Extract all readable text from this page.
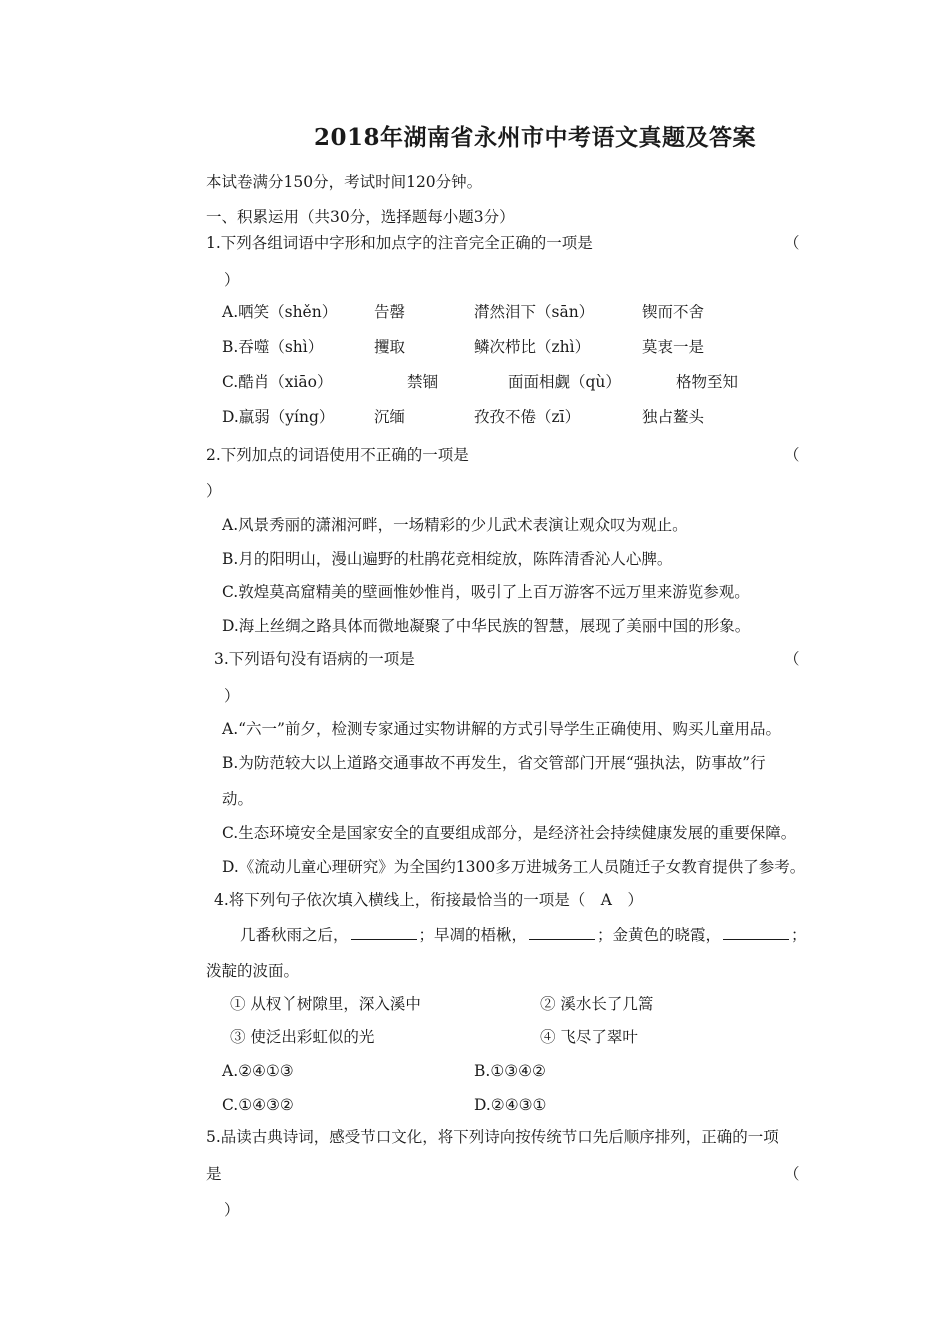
2018年湖南省永州市中考语文真题及答案
本试卷满分150分，考试时间120分钟。
一、积累运用（共30分，选择题每小题3分）
1.下列各组词语中字形和加点字的注音完全正确的一项是	（
）
A.哂笑（shěn） 告罄	潸然泪下（sān）	锲而不舍
B.吞噬（shì）	攫取	鳞次栉比（zhì）	莫衷一是
C.酷肖（xiāo）	禁锢	面面相觑（qù）	格物至知
D.羸弱（yíng）	沉缅	孜孜不倦（zī）	独占鳌头
2.下列加点的词语使用不正确的一项是	（
）
A.风景秀丽的潇湘河畔，一场精彩的少儿武术表演让观众叹为观止。
B.月的阳明山，漫山遍野的杜鹃花竞相绽放，陈阵清香沁人心脾。
C.敦煌莫高窟精美的壁画惟妙惟肖，吸引了上百万游客不远万里来游览参观。
D.海上丝绸之路具体而微地凝聚了中华民族的智慧，展现了美丽中国的形象。
3.下列语句没有语病的一项是	（
）
A.“六一”前夕，检测专家通过实物讲解的方式引导学生正确使用、购买儿童用品。
B.为防范较大以上道路交通事故不再发生，省交管部门开展“强执法，防事故”行
动。
C.生态环境安全是国家安全的直要组成部分，是经济社会持续健康发展的重要保障。
D.《流动儿童心理研究》为全国约1300多万进城务工人员随迁子女教育提供了参考。
4.将下列句子依次填入横线上，衔接最恰当的一项是（　A　）
几番秋雨之后，	；早凋的梧楸，	；金黄色的晓霞，	；
泼靛的波面。
① 从杈丫树隙里，深入溪中	② 溪水长了几篙
③ 使泛出彩虹似的光	④ 飞尽了翠叶
A.②④①③	B.①③④②
C.①④③②	D.②④③①
5.品读古典诗词，感受节口文化，将下列诗向按传统节口先后顺序排列，正确的一项
是	（
）
